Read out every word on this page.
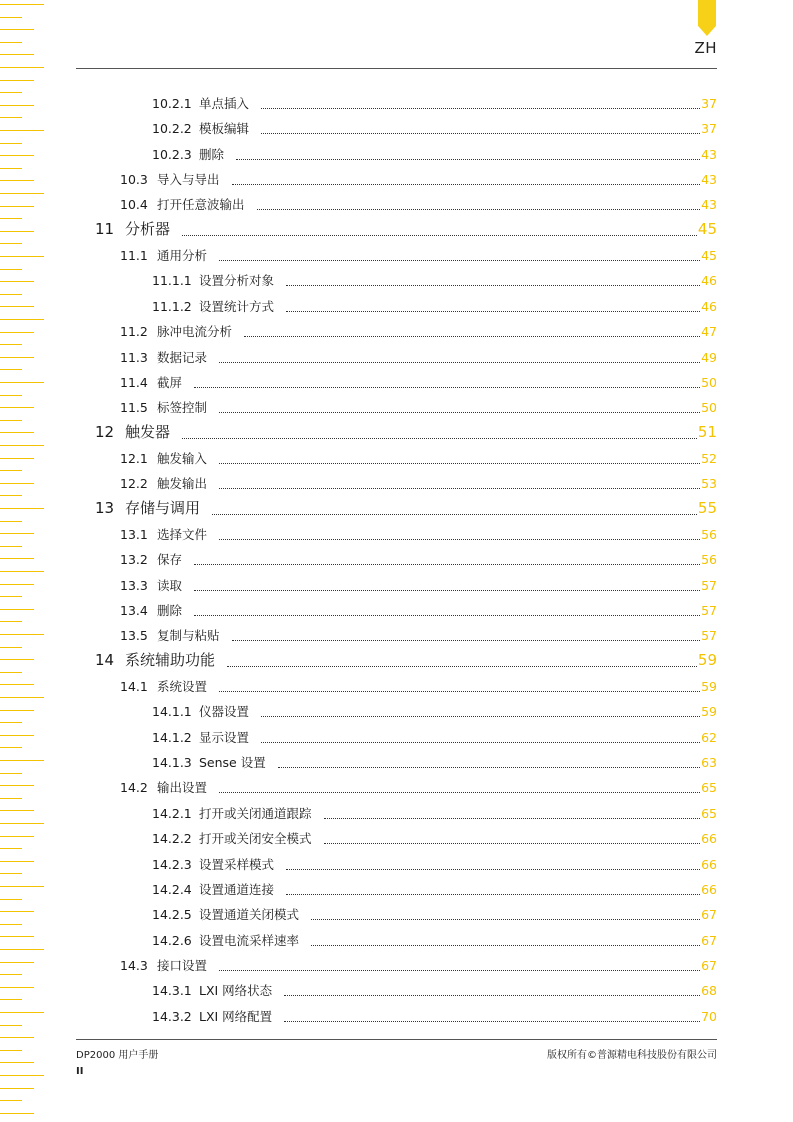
ZH
10.2.1 单点插入	37
10.2.2 模板编辑	37
10.2.3 删除	43
10.3 导入与导出	43
10.4 打开任意波输出	43
11 分析器	45
11.1 通用分析	45
11.1.1 设置分析对象	46
11.1.2 设置统计方式	46
11.2 脉冲电流分析	47
11.3 数据记录	49
11.4 截屏	50
11.5 标签控制	50
12 触发器	51
12.1 触发输入	52
12.2 触发输出	53
13 存储与调用	55
13.1 选择文件	56
13.2 保存	56
13.3 读取	57
13.4 删除	57
13.5 复制与粘贴	57
14 系统辅助功能	59
14.1 系统设置	59
14.1.1 仪器设置	59
14.1.2 显示设置	62
14.1.3 Sense 设置	63
14.2 输出设置	65
14.2.1 打开或关闭通道跟踪	65
14.2.2 打开或关闭安全模式	66
14.2.3 设置采样模式	66
14.2.4 设置通道连接	66
14.2.5 设置通道关闭模式	67
14.2.6 设置电流采样速率	67
14.3 接口设置	67
14.3.1 LXI 网络状态	68
14.3.2 LXI 网络配置	70
DP2000 用户手册	版权所有©普源精电科技股份有限公司
II
